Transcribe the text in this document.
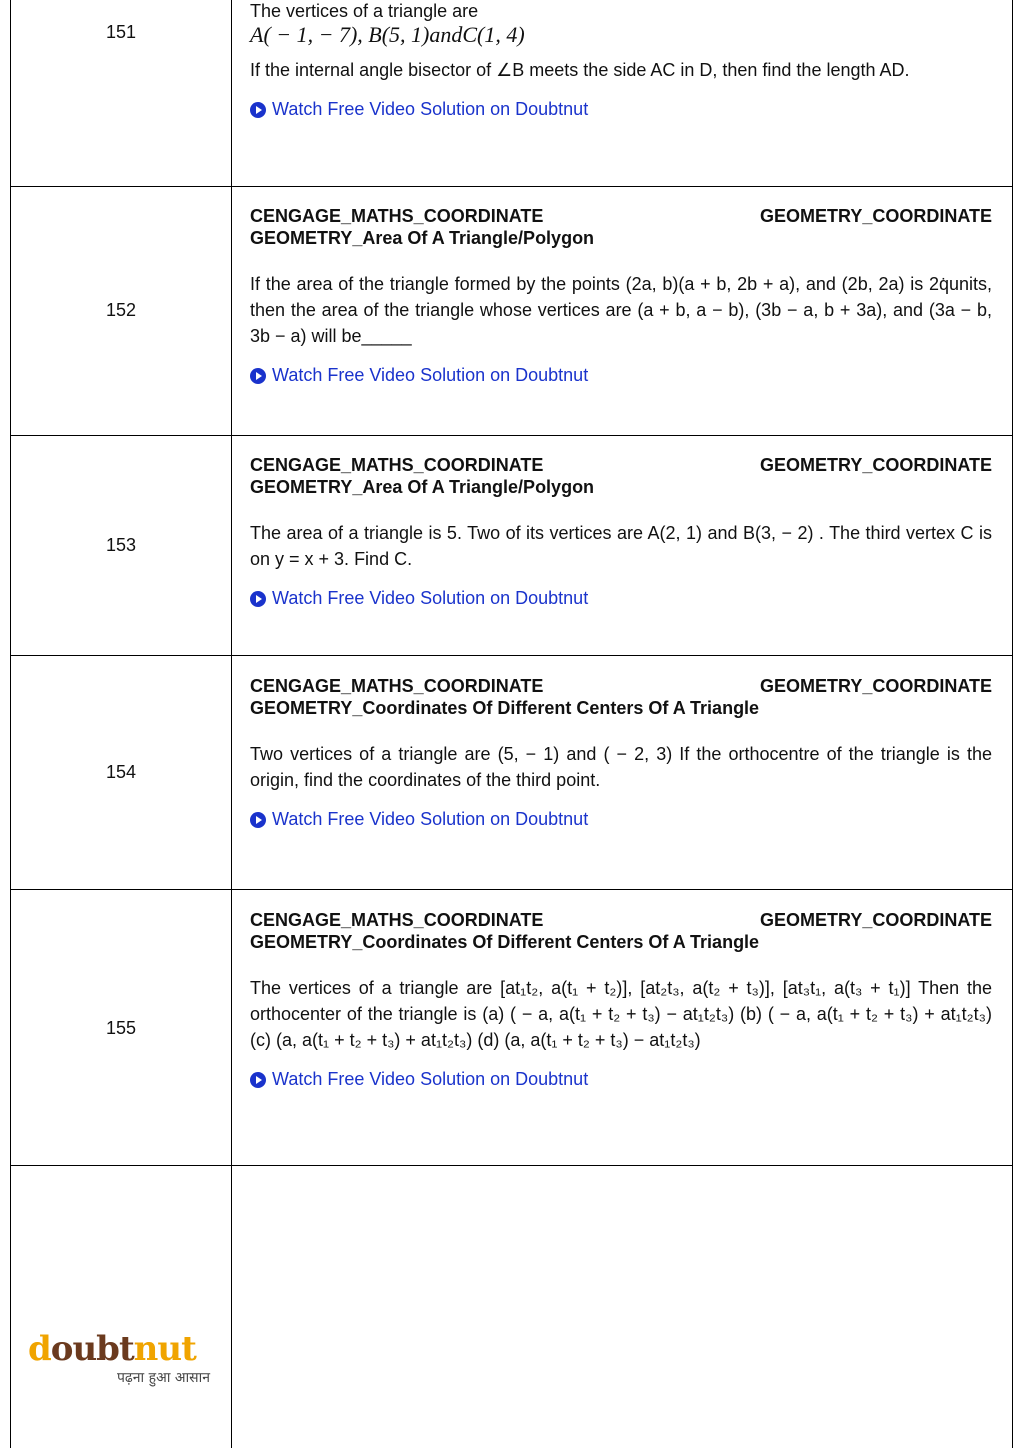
151
The vertices of a triangle are
A( − 1, − 7), B(5, 1)andC(1, 4)
If the internal angle bisector of ∠B meets the side AC in D, then find the length AD.
Watch Free Video Solution on Doubtnut
152
CENGAGE_MATHS_COORDINATE	GEOMETRY_COORDINATE
GEOMETRY_Area Of A Triangle/Polygon
If the area of the triangle formed by the points (2a, b)(a + b, 2b + a), and (2b, 2a) is 2q̇units, then the area of the triangle whose vertices are (a + b, a − b), (3b − a, b + 3a), and (3a − b, 3b − a) will be_____
Watch Free Video Solution on Doubtnut
153
CENGAGE_MATHS_COORDINATE	GEOMETRY_COORDINATE
GEOMETRY_Area Of A Triangle/Polygon
The area of a triangle is 5. Two of its vertices are A(2, 1) and B(3, − 2) . The third vertex C is on y = x + 3. Find C.
Watch Free Video Solution on Doubtnut
154
CENGAGE_MATHS_COORDINATE	GEOMETRY_COORDINATE
GEOMETRY_Coordinates Of Different Centers Of A Triangle
Two vertices of a triangle are (5, − 1) and ( − 2, 3) If the orthocentre of the triangle is the origin, find the coordinates of the third point.
Watch Free Video Solution on Doubtnut
155
CENGAGE_MATHS_COORDINATE	GEOMETRY_COORDINATE
GEOMETRY_Coordinates Of Different Centers Of A Triangle
The vertices of a triangle are [at₁t₂, a(t₁ + t₂)], [at₂t₃, a(t₂ + t₃)], [at₃t₁, a(t₃ + t₁)] Then the orthocenter of the triangle is (a) ( − a, a(t₁ + t₂ + t₃) − at₁t₂t₃) (b) ( − a, a(t₁ + t₂ + t₃) + at₁t₂t₃) (c) (a, a(t₁ + t₂ + t₃) + at₁t₂t₃) (d) (a, a(t₁ + t₂ + t₃) − at₁t₂t₃)
Watch Free Video Solution on Doubtnut
doubtnut
पढ़ना हुआ आसान
